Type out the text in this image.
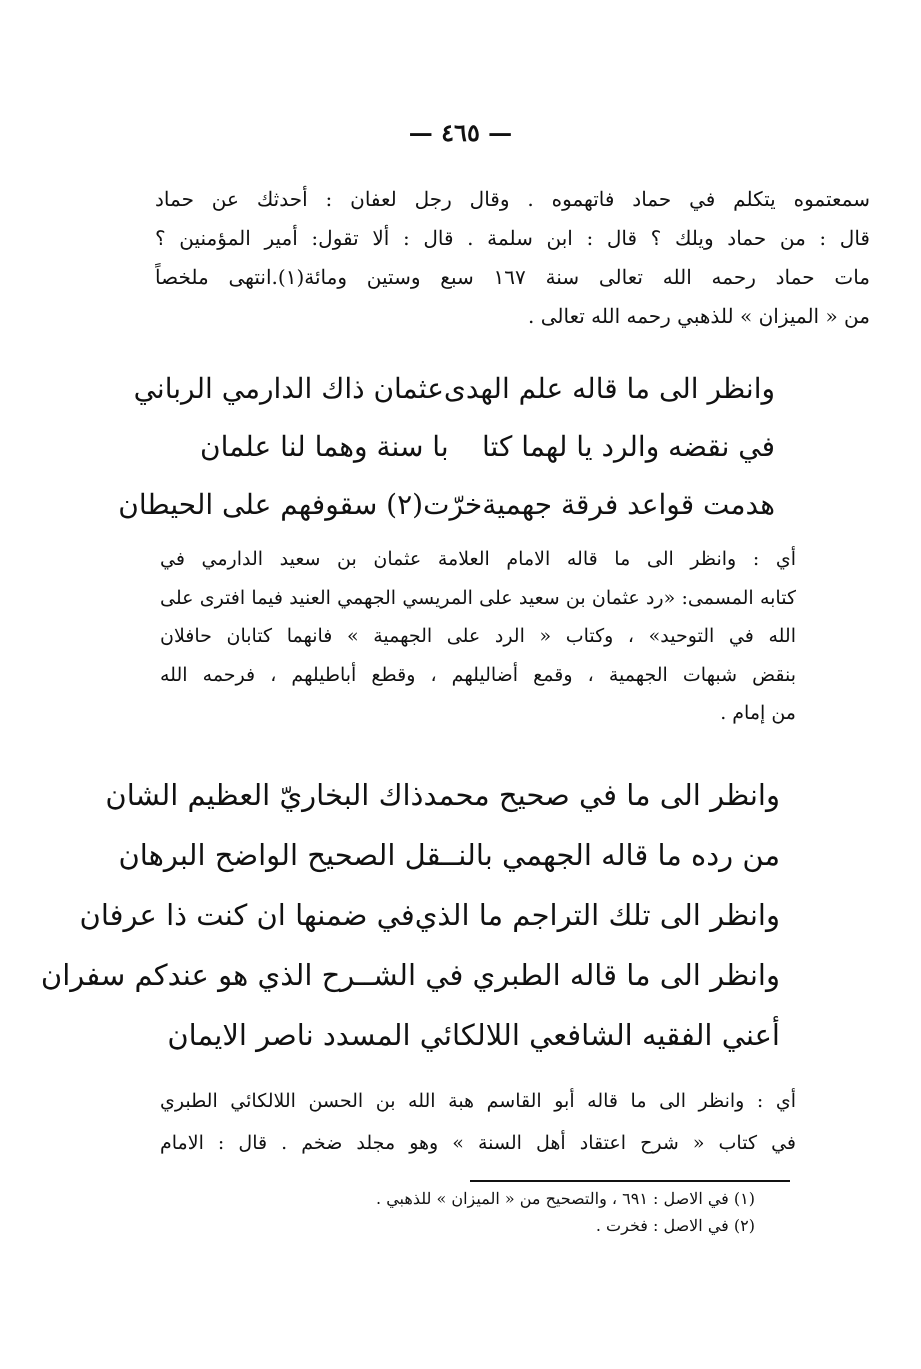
— ٤٦٥ —
سمعتموه يتكلم في حماد فاتهموه . وقال رجل لعفان : أحدثك عن حماد
قال : من حماد ويلك ؟ قال : ابن سلمة . قال : ألا تقول: أمير المؤمنين ؟
مات حماد رحمه الله تعالى سنة ١٦٧ سبع وستين ومائة(١).انتهى ملخصاً
من « الميزان » للذهبي رحمه الله تعالى .
وانظر الى ما قاله علم الهدى
عثمان ذاك الدارمي الرباني
في نقضه والرد يا لهما كتا
با سنة وهما لنا علمان
هدمت قواعد فرقة جهمية
خرّت(٢) سقوفهم على الحيطان
أي : وانظر الى ما قاله الامام العلامة عثمان بن سعيد الدارمي في
كتابه المسمى: «رد عثمان بن سعيد على المريسي الجهمي العنيد فيما افترى على
الله في التوحيد» ، وكتاب « الرد على الجهمية » فانهما كتابان حافلان
بنقض شبهات الجهمية ، وقمع أضاليلهم ، وقطع أباطيلهم ، فرحمه الله
من إمام .
وانظر الى ما في صحيح محمد
ذاك البخاريّ العظيم الشان
من رده ما قاله الجهمي بالنـ
ـقل الصحيح الواضح البرهان
وانظر الى تلك التراجم ما الذي
في ضمنها ان كنت ذا عرفان
وانظر الى ما قاله الطبري في الشـ
ـرح الذي هو عندكم سفران
أعني الفقيه الشافعي اللا
لكائي المسدد ناصر الايمان
أي : وانظر الى ما قاله أبو القاسم هبة الله بن الحسن اللالكائي الطبري
في كتاب « شرح اعتقاد أهل السنة » وهو مجلد ضخم . قال : الامام
(١) في الاصل : ٦٩١ ، والتصحيح من « الميزان » للذهبي .
(٢) في الاصل : فخرت .
